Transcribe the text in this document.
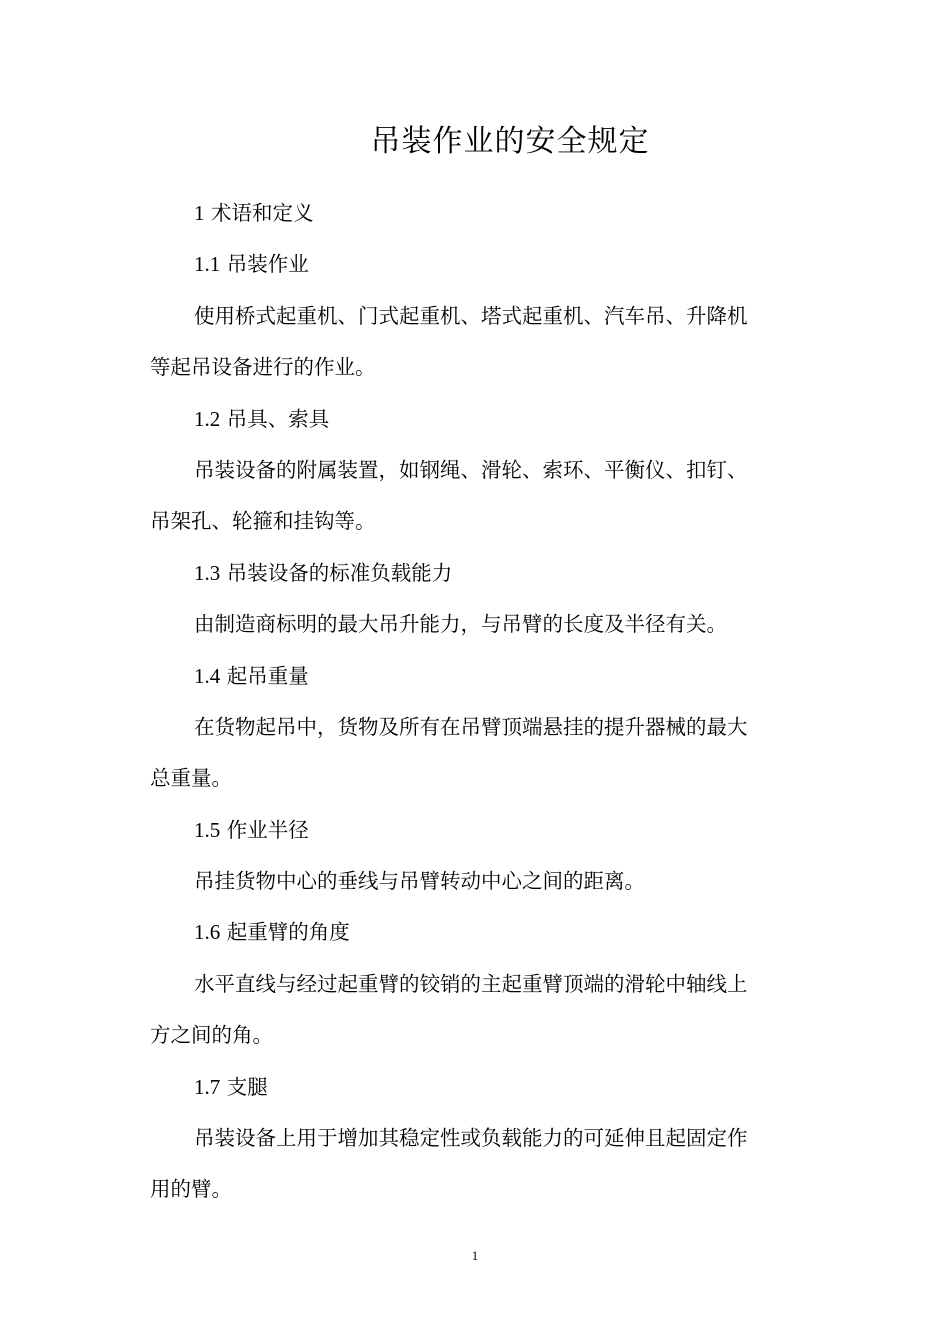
吊装作业的安全规定
1 术语和定义
1.1 吊装作业
使用桥式起重机、门式起重机、塔式起重机、汽车吊、升降机
等起吊设备进行的作业。
1.2 吊具、索具
吊装设备的附属装置，如钢绳、滑轮、索环、平衡仪、扣钉、
吊架孔、轮箍和挂钩等。
1.3 吊装设备的标准负载能力
由制造商标明的最大吊升能力，与吊臂的长度及半径有关。
1.4 起吊重量
在货物起吊中，货物及所有在吊臂顶端悬挂的提升器械的最大
总重量。
1.5 作业半径
吊挂货物中心的垂线与吊臂转动中心之间的距离。
1.6 起重臂的角度
水平直线与经过起重臂的铰销的主起重臂顶端的滑轮中轴线上
方之间的角。
1.7 支腿
吊装设备上用于增加其稳定性或负载能力的可延伸且起固定作
用的臂。
1
